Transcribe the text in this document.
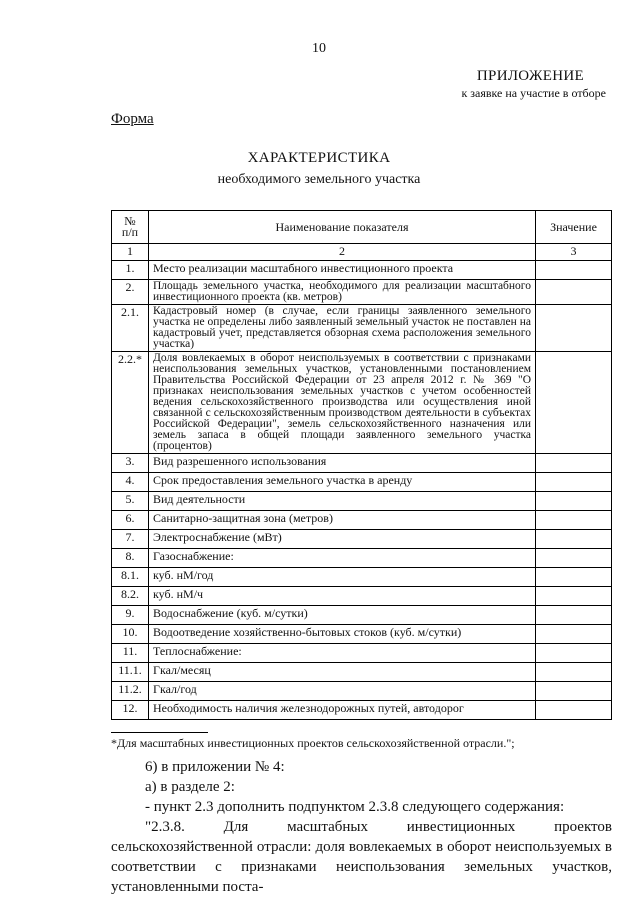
10
ПРИЛОЖЕНИЕ
к заявке на участие в отборе
Форма
ХАРАКТЕРИСТИКА
необходимого земельного участка
№
п/п	Наименование показателя	Значение
1	2	3
1.	Место реализации масштабного инвестиционного проекта	
2.	Площадь земельного участка, необходимого для реализации масштабного инвестиционного проекта (кв. метров)	
2.1.	Кадастровый номер (в случае, если границы заявленного земельного участка не определены либо заявленный земельный участок не поставлен на кадастровый учет, представляется обзорная схема расположения земельного участка)	
2.2.*	Доля вовлекаемых в оборот неиспользуемых в соответствии с признаками неиспользования земельных участков, установленными постановлением Правительства Российской Федерации от 23 апреля 2012 г. № 369 "О признаках неиспользования земельных участков с учетом особенностей ведения сельскохозяйственного производства или осуществления иной связанной с сельскохозяйственным производством деятельности в субъектах Российской Федерации", земель сельскохозяйственного назначения или земель запаса в общей площади заявленного земельного участка (процентов)	
3.	Вид разрешенного использования	
4.	Срок предоставления земельного участка в аренду	
5.	Вид деятельности	
6.	Санитарно-защитная зона (метров)	
7.	Электроснабжение (мВт)	
8.	Газоснабжение:	
8.1.	куб. нМ/год	
8.2.	куб. нМ/ч	
9.	Водоснабжение (куб. м/сутки)	
10.	Водоотведение хозяйственно-бытовых стоков (куб. м/сутки)	
11.	Теплоснабжение:	
11.1.	Гкал/месяц	
11.2.	Гкал/год	
12.	Необходимость наличия железнодорожных путей, автодорог	
*Для масштабных инвестиционных проектов сельскохозяйственной отрасли.";
6) в приложении № 4:
а) в разделе 2:
- пункт 2.3 дополнить подпунктом 2.3.8 следующего содержания:
"2.3.8. Для масштабных инвестиционных проектов сельскохозяйственной отрасли: доля вовлекаемых в оборот неиспользуемых в соответствии с признаками неиспользования земельных участков, установленными поста-
